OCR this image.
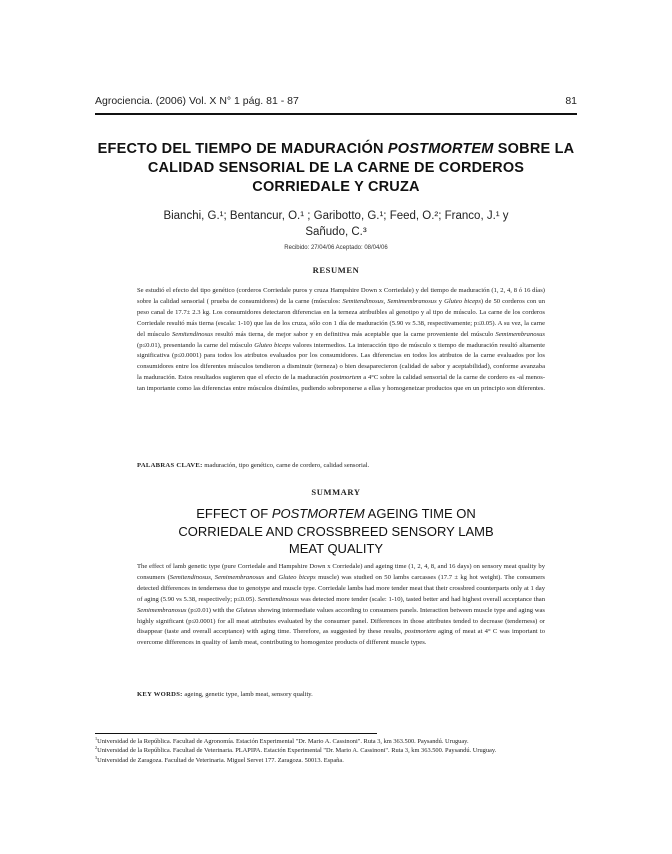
Agrociencia. (2006) Vol. X N° 1 pág. 81 - 87	81
EFECTO DEL TIEMPO DE MADURACIÓN POSTMORTEM SOBRE LA
CALIDAD SENSORIAL DE LA CARNE DE CORDEROS
CORRIEDALE Y CRUZA
Bianchi, G.¹; Bentancur, O.¹ ; Garibotto, G.¹; Feed, O.²; Franco, J.¹ y
Sañudo, C.³
Recibido: 27/04/06 Aceptado: 08/04/06
RESUMEN
Se estudió el efecto del tipo genético (corderos Corriedale puros y cruza Hampshire Down x Corriedale) y del tiempo de maduración (1, 2, 4, 8 ó 16 días) sobre la calidad sensorial ( prueba de consumidores) de la carne (músculos: Semitendinosus, Semimembranosus y Gluteo biceps) de 50 corderos con un peso canal de 17.7± 2.3 kg. Los consumidores detectaron diferencias en la terneza atribuibles al genotipo y al tipo de músculo. La carne de los corderos Corriedale resultó más tierna (escala: 1-10) que las de los cruza, sólo con 1 día de maduración (5.90 vs 5.38, respectivamente; p≤0.05). A su vez, la carne del músculo Semitendinosus resultó más tierna, de mejor sabor y en definitiva más aceptable que la carne proveniente del músculo Semimembranosus (p≤0.01), presentando la carne del músculo Gluteo biceps valores intermedios. La interacción tipo de músculo x tiempo de maduración resultó altamente significativa (p≤0.0001) para todos los atributos evaluados por los consumidores. Las diferencias en todos los atributos de la carne evaluados por los consumidores entre los diferentes músculos tendieron a disminuir (terneza) o bien desaparecieron (calidad de sabor y aceptabilidad), conforme avanzaba la maduración. Estos resultados sugieren que el efecto de la maduración postmortem a 4°C sobre la calidad sensorial de la carne de cordero es -al menos- tan importante como las diferencias entre músculos disímiles, pudiendo sobreponerse a ellas y homogeneizar productos que en un principio son diferentes.
PALABRAS CLAVE: maduración, tipo genético, carne de cordero, calidad sensorial.
SUMMARY
EFFECT OF POSTMORTEM AGEING TIME ON
CORRIEDALE AND CROSSBREED SENSORY LAMB
MEAT QUALITY
The effect of lamb genetic type (pure Corriedale and Hampshire Down x Corriedale) and ageing time (1, 2, 4, 8, and 16 days) on sensory meat quality by consumers (Semitendinosus, Semimembranosus and Gluteo biceps muscle) was studied on 50 lambs carcasses (17.7 ± kg hot weight). The consumers detected differences in tenderness due to genotype and muscle type. Corriedale lambs had more tender meat that their crossbred counterparts only at 1 day of aging (5.90 vs 5.38, respectively; p≤0.05). Semitendinosus was detected more tender (scale: 1-10), tasted better and had highest overall acceptance than Semimembranosus (p≤0.01) with the Gluteus showing intermediate values according to consumers panels. Interaction between muscle type and aging was highly significant (p≤0.0001) for all meat attributes evaluated by the consumer panel. Differences in those attributes tended to decrease (tenderness) or disappear (taste and overall acceptance) with aging time. Therefore, as suggested by these results, postmortem aging of meat at 4° C was important to overcome differences in quality of lamb meat, contributing to homogenize products of different muscle types.
KEY WORDS: ageing, genetic type, lamb meat, sensory quality.

$^1$Universidad de la República. Facultad de Agronomía. Estación Experimental "Dr. Mario A. Cassinoni". Ruta 3, km 363.500. Paysandú. Uruguay.

$^2$Universidad de la República. Facultad de Veterinaria. PLAPIPA. Estación Experimental "Dr. Mario A. Cassinoni". Ruta 3, km 363.500. Paysandú. Uruguay.

$^3$Universidad de Zaragoza. Facultad de Veterinaria. Miguel Servet 177. Zaragoza. 50013. España.
